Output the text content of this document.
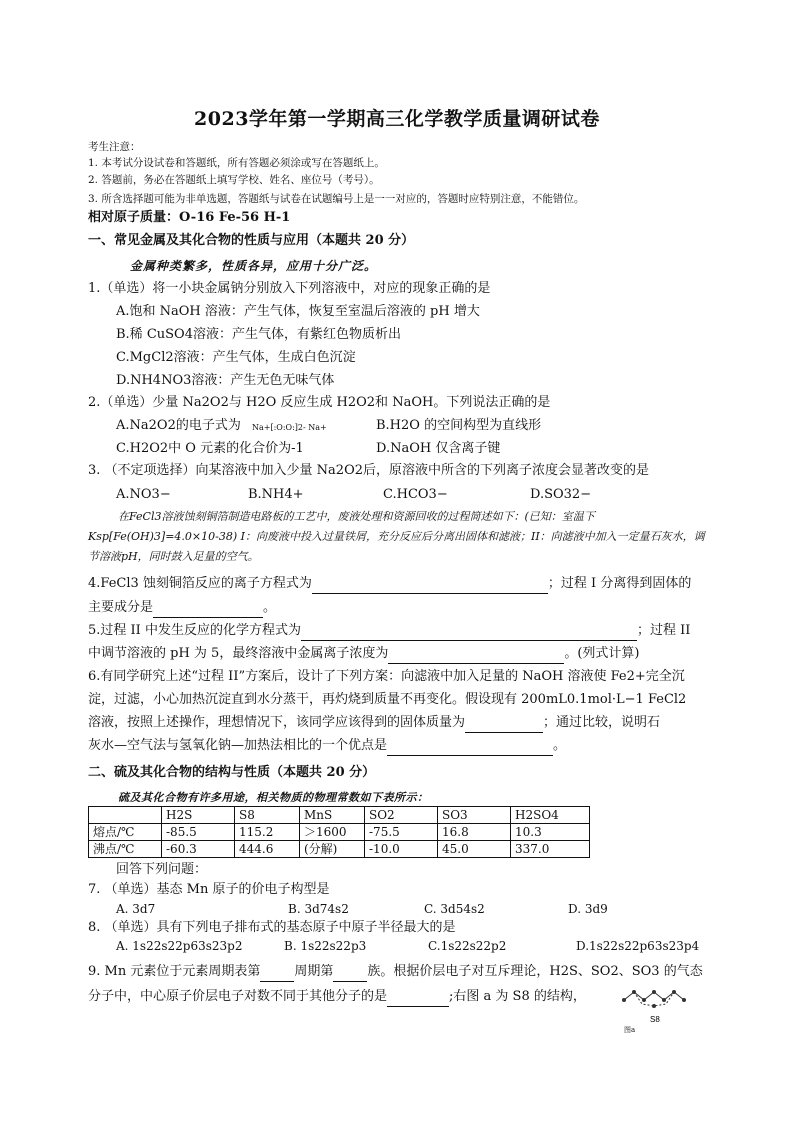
2023学年第一学期高三化学教学质量调研试卷
考生注意：
1. 本考试分设试卷和答题纸，所有答题必须涂或写在答题纸上。
2. 答题前，务必在答题纸上填写学校、姓名、座位号（考号）。
3. 所含选择题可能为非单选题，答题纸与试卷在试题编号上是一一对应的，答题时应特别注意，不能错位。
相对原子质量：O-16 Fe-56 H-1
一、常见金属及其化合物的性质与应用（本题共 20 分）
金属种类繁多，性质各异，应用十分广泛。
1.（单选）将一小块金属钠分别放入下列溶液中，对应的现象正确的是
A.饱和 NaOH 溶液：产生气体，恢复至室温后溶液的 pH 增大
B.稀 CuSO4溶液：产生气体，有紫红色物质析出
C.MgCl2溶液：产生气体，生成白色沉淀
D.NH4NO3溶液：产生无色无味气体
2.（单选）少量 Na2O2与 H2O 反应生成 H2O2和 NaOH。下列说法正确的是
A.Na2O2的电子式为 Na+[:O:O:]2- Na+	B.H2O 的空间构型为直线形
C.H2O2中 O 元素的化合价为-1	D.NaOH 仅含离子键
3. （不定项选择）向某溶液中加入少量 Na2O2后，原溶液中所含的下列离子浓度会显著改变的是
A.NO3−	B.NH4+	C.HCO3−	D.SO32−
在FeCl3溶液蚀刻铜箔制造电路板的工艺中，废液处理和资源回收的过程简述如下：(已知：室温下Ksp[Fe(OH)3]=4.0×10-38) I：向废液中投入过量铁屑，充分反应后分离出固体和滤液；II：向滤液中加入一定量石灰水，调节溶液pH，同时鼓入足量的空气。
4.FeCl3 蚀刻铜箔反应的离子方程式为	；过程 I 分离得到固体的
主要成分是	。
5.过程 II 中发生反应的化学方程式为	；过程 II
中调节溶液的 pH 为 5，最终溶液中金属离子浓度为	。(列式计算)
6.有同学研究上述“过程 II”方案后，设计了下列方案：向滤液中加入足量的 NaOH 溶液使 Fe2+完全沉
淀，过滤，小心加热沉淀直到水分蒸干，再灼烧到质量不再变化。假设现有 200mL0.1mol·L−1 FeCl2
溶液，按照上述操作，理想情况下，该同学应该得到的固体质量为	；通过比较，说明石
灰水—空气法与氢氧化钠—加热法相比的一个优点是	。
二、硫及其化合物的结构与性质（本题共 20 分）
硫及其化合物有许多用途，相关物质的物理常数如下表所示：
	H2S	S8	MnS	SO2	SO3	H2SO4
熔点/℃	-85.5	115.2	＞1600	-75.5	16.8	10.3
沸点/℃	-60.3	444.6	(分解)	-10.0	45.0	337.0
回答下列问题：
7. （单选）基态 Mn 原子的价电子构型是
A. 3d7	B. 3d74s2	C. 3d54s2	D. 3d9
8. （单选）具有下列电子排布式的基态原子中原子半径最大的是
A. 1s22s22p63s23p2	B. 1s22s22p3	C.1s22s22p2	D.1s22s22p63s23p4
9. Mn 元素位于元素周期表第	周期第	族。根据价层电子对互斥理论，H2S、SO2、SO3 的气态
分子中，中心原子价层电子对数不同于其他分子的是	;右图 a 为 S8 的结构，
S8
图a
